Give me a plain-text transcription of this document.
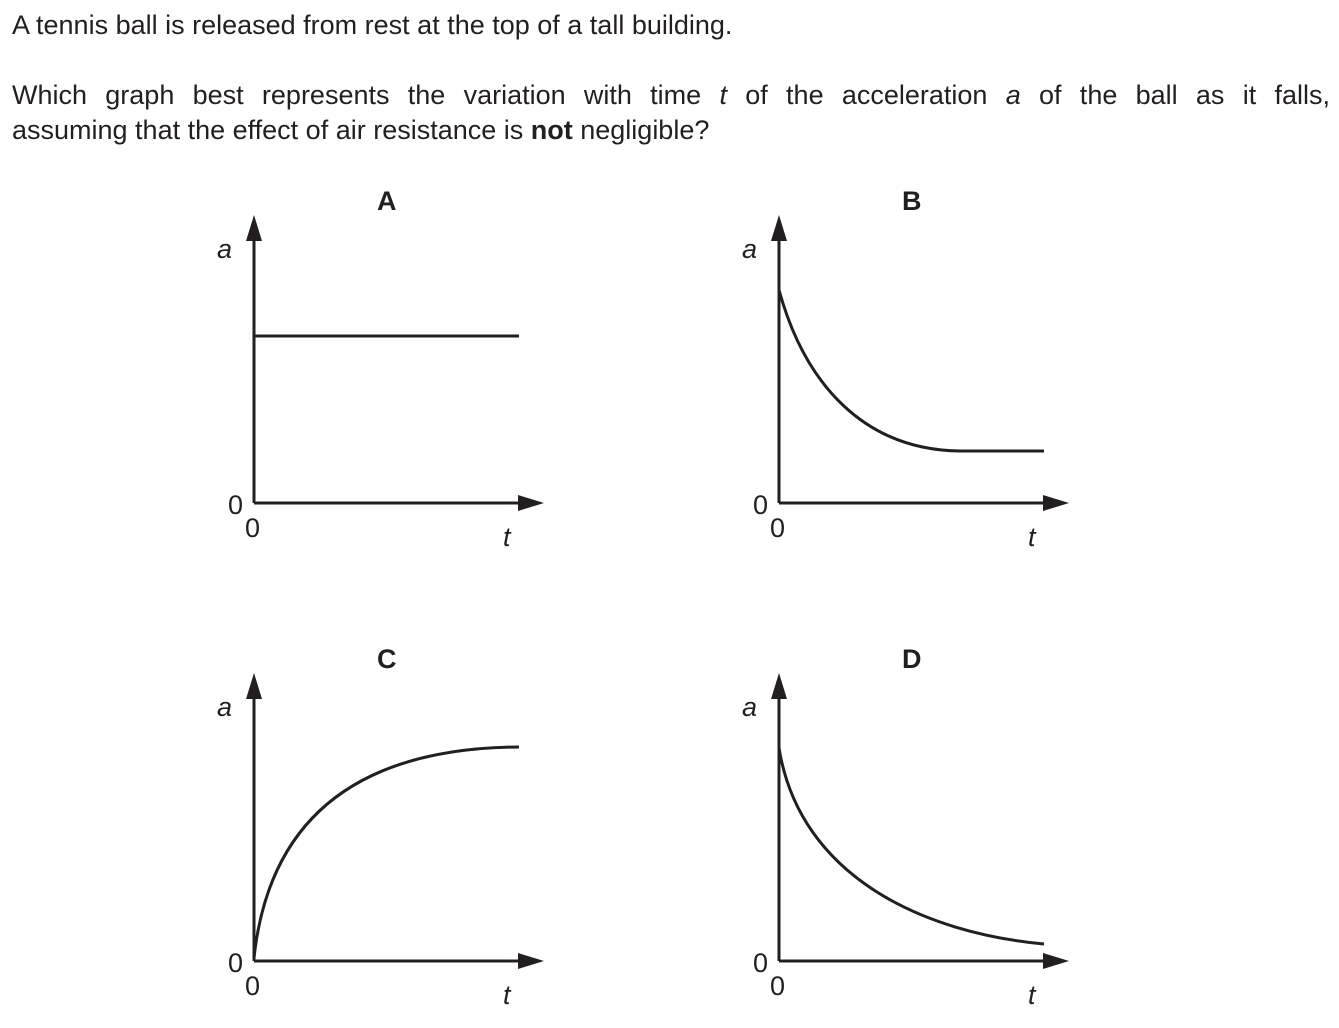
A tennis ball is released from rest at the top of a tall building.

Which graph best represents the variation with time t of the acceleration a of the ball as it falls,

assuming that the effect of air resistance is not negligible?

A
a
0
0	t
B
a
0
0	t
C
a
0
0	t
D
a
0
0	t
